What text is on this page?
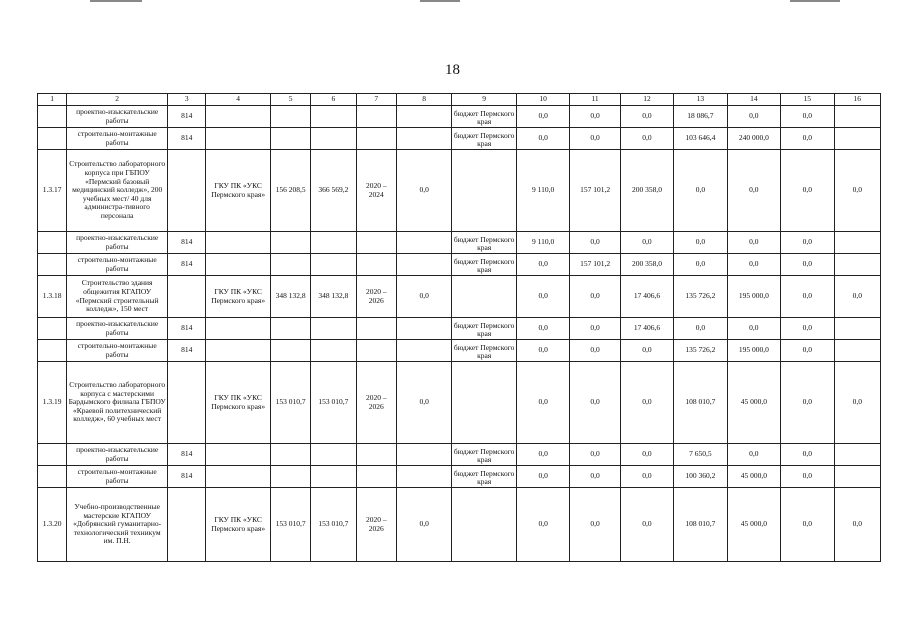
18
1	2	3	4	5	6	7	8	9	10	11	12	13	14	15	16
	проектно-изыскательские работы	814						бюджет Пермского края	0,0	0,0	0,0	18 086,7	0,0	0,0	
	строительно-монтажные работы	814						бюджет Пермского края	0,0	0,0	0,0	103 646,4	240 000,0	0,0	
1.3.17	Строительство лабораторного корпуса при ГБПОУ «Пермский базовый медицинский колледж», 200 учебных мест/ 40 для администра-тивного персонала		ГКУ ПК «УКС Пермского края»	156 208,5	366 569,2	2020 – 2024	0,0		9 110,0	157 101,2	200 358,0	0,0	0,0	0,0	0,0
	проектно-изыскательские работы	814						бюджет Пермского края	9 110,0	0,0	0,0	0,0	0,0	0,0	
	строительно-монтажные работы	814						бюджет Пермского края	0,0	157 101,2	200 358,0	0,0	0,0	0,0	
1.3.18	Строительство здания общежития КГАПОУ «Пермский строительный колледж», 150 мест		ГКУ ПК «УКС Пермского края»	348 132,8	348 132,8	2020 – 2026	0,0		0,0	0,0	17 406,6	135 726,2	195 000,0	0,0	0,0
	проектно-изыскательские работы	814						бюджет Пермского края	0,0	0,0	17 406,6	0,0	0,0	0,0	
	строительно-монтажные работы	814						бюджет Пермского края	0,0	0,0	0,0	135 726,2	195 000,0	0,0	
1.3.19	Строительство лабораторного корпуса с мастерскими Бардымского филиала ГБПОУ «Краевой политехнический колледж», 60 учебных мест		ГКУ ПК «УКС Пермского края»	153 010,7	153 010,7	2020 – 2026	0,0		0,0	0,0	0,0	108 010,7	45 000,0	0,0	0,0
	проектно-изыскательские работы	814						бюджет Пермского края	0,0	0,0	0,0	7 650,5	0,0	0,0	
	строительно-монтажные работы	814						бюджет Пермского края	0,0	0,0	0,0	100 360,2	45 000,0	0,0	
1.3.20	Учебно-производственные мастерские КГАПОУ «Добрянский гуманитарно-технологический техникум им. П.Н.		ГКУ ПК «УКС Пермского края»	153 010,7	153 010,7	2020 – 2026	0,0		0,0	0,0	0,0	108 010,7	45 000,0	0,0	0,0
